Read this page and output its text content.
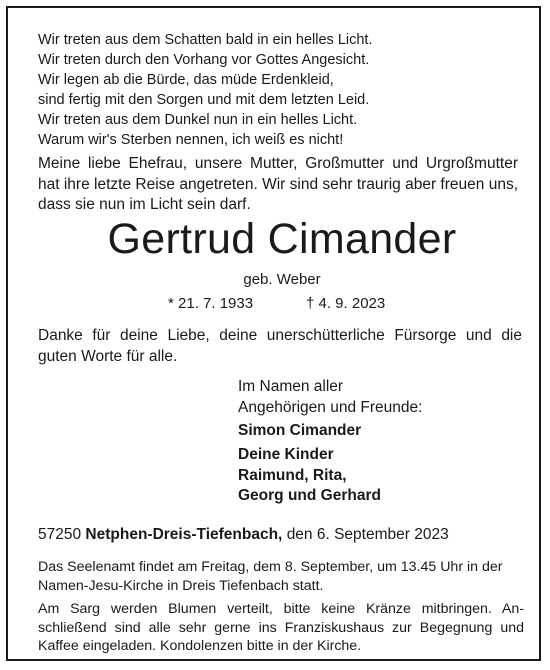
Wir treten aus dem Schatten bald in ein helles Licht.
Wir treten durch den Vorhang vor Gottes Angesicht.
Wir legen ab die Bürde, das müde Erdenkleid,
sind fertig mit den Sorgen und mit dem letzten Leid.
Wir treten aus dem Dunkel nun in ein helles Licht.
Warum wir's Sterben nennen, ich weiß es nicht!
Meine liebe Ehefrau, unsere Mutter, Großmutter und Urgroßmutter hat ihre letzte Reise angetreten. Wir sind sehr traurig aber freuen uns, dass sie nun im Licht sein darf.
Gertrud Cimander
geb. Weber
* 21. 7. 1933	† 4. 9. 2023
Danke für deine Liebe, deine unerschütterliche Fürsorge und die guten Worte für alle.
Im Namen aller
Angehörigen und Freunde:
Simon Cimander
Deine Kinder
Raimund, Rita,
Georg und Gerhard
57250 Netphen-Dreis-Tiefenbach, den 6. September 2023
Das Seelenamt findet am Freitag, dem 8. September, um 13.45 Uhr in der Namen-Jesu-Kirche in Dreis Tiefenbach statt.
Am Sarg werden Blumen verteilt, bitte keine Kränze mitbringen. Anschließend sind alle sehr gerne ins Franziskushaus zur Begegnung und Kaffee eingeladen. Kondolenzen bitte in der Kirche.
